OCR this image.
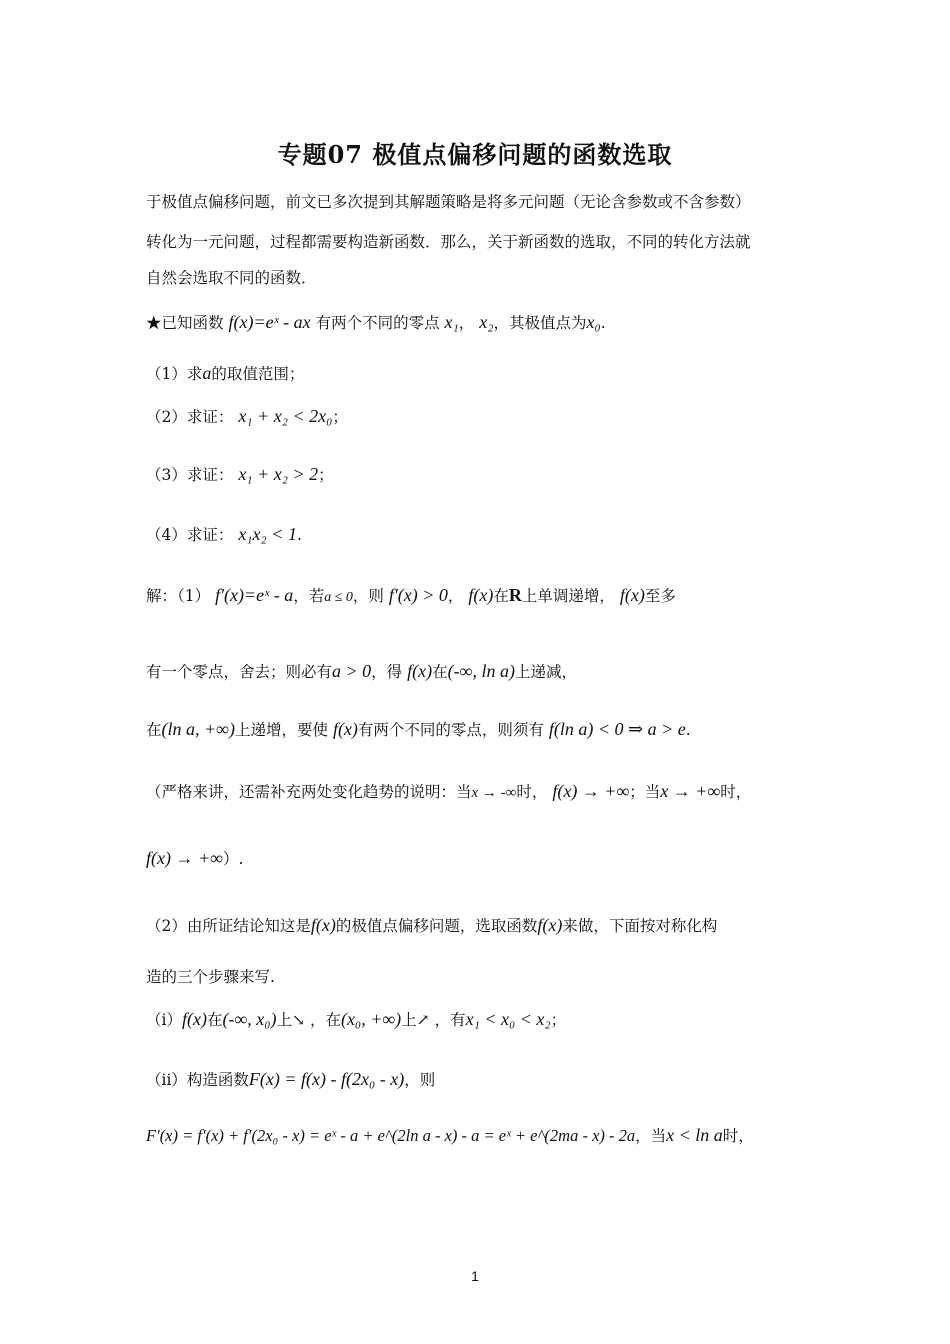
专题07 极值点偏移问题的函数选取
于极值点偏移问题，前文已多次提到其解题策略是将多元问题（无论含参数或不含参数）
转化为一元问题，过程都需要构造新函数．那么，关于新函数的选取，不同的转化方法就
自然会选取不同的函数．
★已知函数 f(x)=eˣ - ax 有两个不同的零点 x₁， x₂，其极值点为x₀.
（1）求a的取值范围；
（2）求证： x₁ + x₂ < 2x₀；
（3）求证： x₁ + x₂ > 2；
（4）求证： x₁x₂ < 1.
解：（1） f′(x)=eˣ - a，若a ≤ 0，则 f′(x) > 0， f(x)在R上单调递增， f(x)至多
有一个零点，舍去；则必有a > 0，得 f(x)在(-∞, ln a)上递减，
在(ln a, +∞)上递增，要使 f(x)有两个不同的零点，则须有 f(ln a) < 0 ⇒ a > e.
（严格来讲，还需补充两处变化趋势的说明：当x → -∞时， f(x) → +∞；当x → +∞时，
f(x) → +∞）.
（2）由所证结论知这是f(x)的极值点偏移问题，选取函数f(x)来做，下面按对称化构
造的三个步骤来写.
（ⅰ）f(x)在(-∞, x₀)上↘ ，在(x₀, +∞)上↗ ，有x₁ < x₀ < x₂；
（ⅱ）构造函数F(x) = f(x) - f(2x₀ - x)，则
F′(x) = f′(x) + f′(2x₀ - x) = eˣ - a + e^(2ln a - x) - a = eˣ + e^(2ma - x) - 2a，当x < ln a时，
1
